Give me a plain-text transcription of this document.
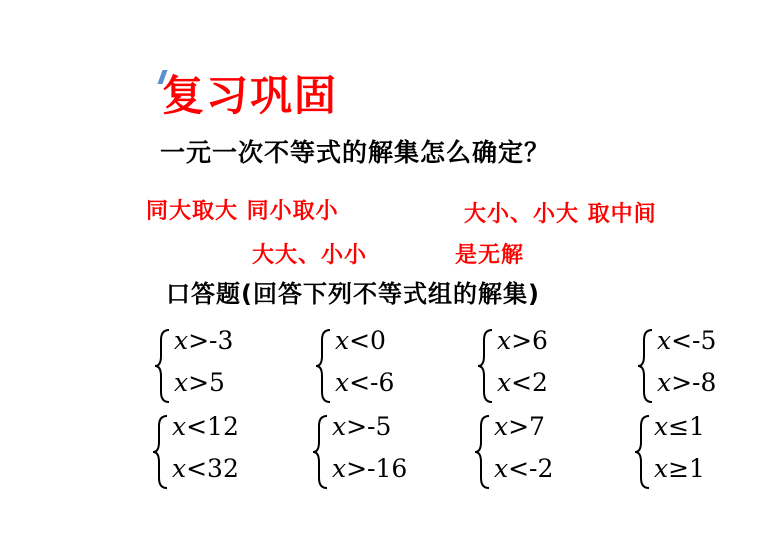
复习巩固
一元一次不等式的解集怎么确定？
同大取大 同小取小	大小、小大 取中间
大大、小小	是无解
口答题(回答下列不等式组的解集)
x>-3
x>5
x<0
x<-6
x>6
x<2
x<-5
x>-8
x<12
x<32
x>-5
x>-16
x>7
x<-2
x≤1
x≥1
